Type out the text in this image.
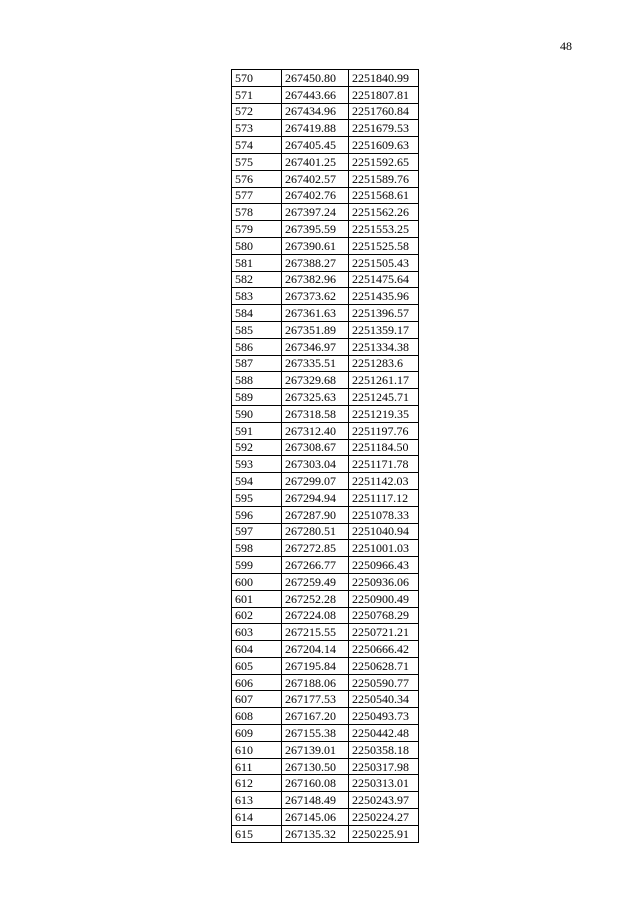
48
570	267450.80	2251840.99
571	267443.66	2251807.81
572	267434.96	2251760.84
573	267419.88	2251679.53
574	267405.45	2251609.63
575	267401.25	2251592.65
576	267402.57	2251589.76
577	267402.76	2251568.61
578	267397.24	2251562.26
579	267395.59	2251553.25
580	267390.61	2251525.58
581	267388.27	2251505.43
582	267382.96	2251475.64
583	267373.62	2251435.96
584	267361.63	2251396.57
585	267351.89	2251359.17
586	267346.97	2251334.38
587	267335.51	2251283.6
588	267329.68	2251261.17
589	267325.63	2251245.71
590	267318.58	2251219.35
591	267312.40	2251197.76
592	267308.67	2251184.50
593	267303.04	2251171.78
594	267299.07	2251142.03
595	267294.94	2251117.12
596	267287.90	2251078.33
597	267280.51	2251040.94
598	267272.85	2251001.03
599	267266.77	2250966.43
600	267259.49	2250936.06
601	267252.28	2250900.49
602	267224.08	2250768.29
603	267215.55	2250721.21
604	267204.14	2250666.42
605	267195.84	2250628.71
606	267188.06	2250590.77
607	267177.53	2250540.34
608	267167.20	2250493.73
609	267155.38	2250442.48
610	267139.01	2250358.18
611	267130.50	2250317.98
612	267160.08	2250313.01
613	267148.49	2250243.97
614	267145.06	2250224.27
615	267135.32	2250225.91
